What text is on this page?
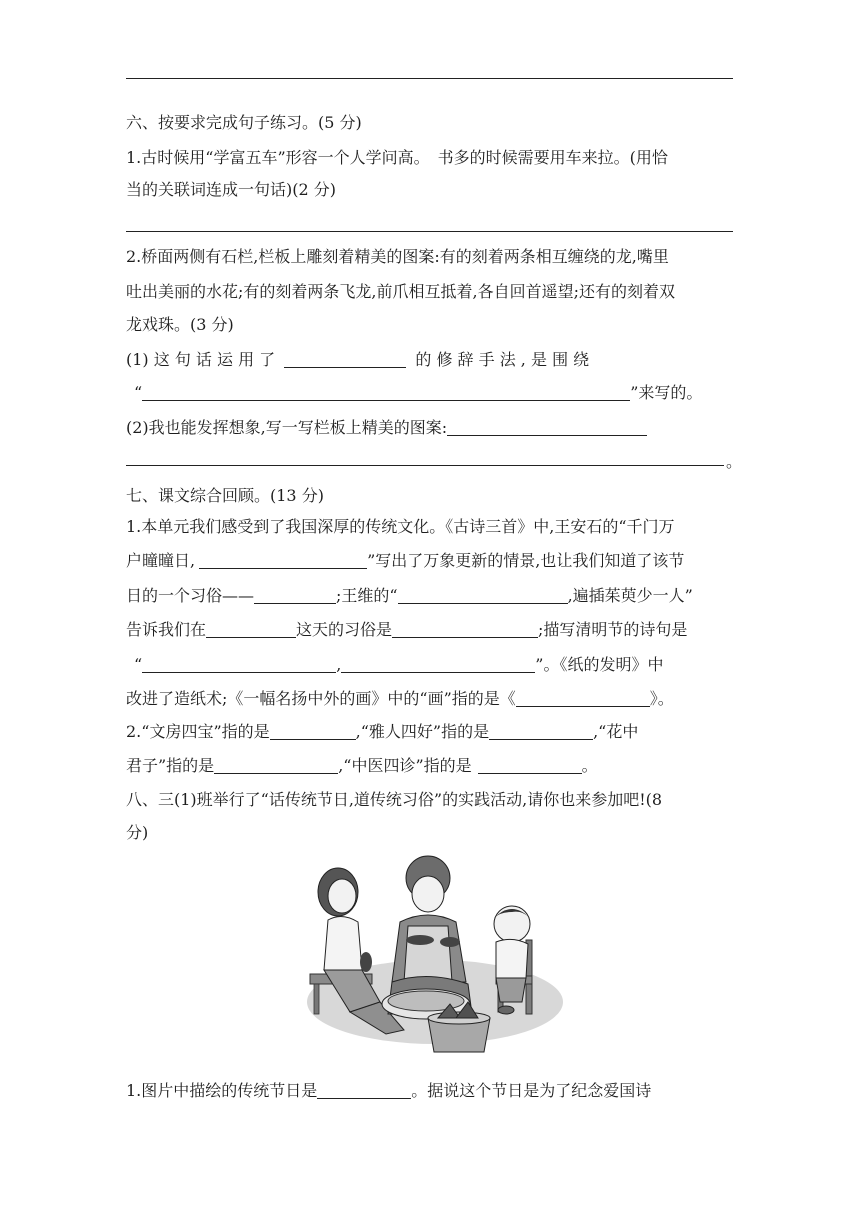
六、按要求完成句子练习。(5 分)
1.古时候用“学富五车”形容一个人学问高。　书多的时候需要用车来拉。(用恰
当的关联词连成一句话)(2 分)
2.桥面两侧有石栏,栏板上雕刻着精美的图案:有的刻着两条相互缠绕的龙,嘴里
吐出美丽的水花;有的刻着两条飞龙,前爪相互抵着,各自回首遥望;还有的刻着双
龙戏珠。(3 分)
(1) 这 句 话 运 用 了	的 修 辞 手 法 , 是 围 绕
“	”来写的。
(2)我也能发挥想象,写一写栏板上精美的图案:
。
七、课文综合回顾。(13 分)
1.本单元我们感受到了我国深厚的传统文化。《古诗三首》中,王安石的“千门万
户曈曈日,	”写出了万象更新的情景,也让我们知道了该节
日的一个习俗——	;王维的“	,遍插茱萸少一人”
告诉我们在	这天的习俗是	;描写清明节的诗句是
“	,	”。《纸的发明》中
改进了造纸术;《一幅名扬中外的画》中的“画”指的是《	》。
2.“文房四宝”指的是	,“雅人四好”指的是	,“花中
君子”指的是	,“中医四诊”指的是	。
八、三(1)班举行了“话传统节日,道传统习俗”的实践活动,请你也来参加吧!(8
分)
1.图片中描绘的传统节日是	。据说这个节日是为了纪念爱国诗
